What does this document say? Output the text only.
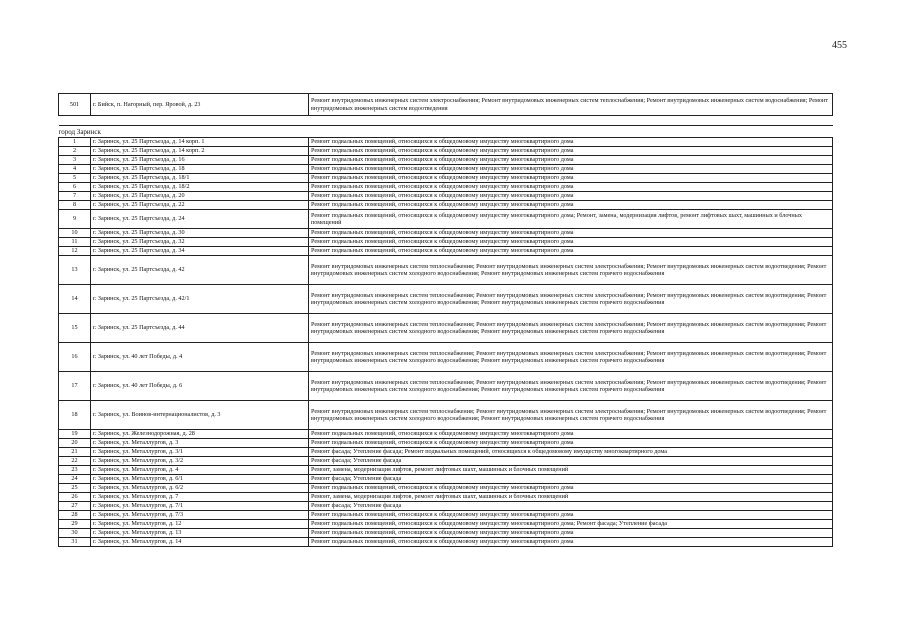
455
501	г. Бийск, п. Нагорный, пер. Яровой, д. 23	Ремонт внутридомовых инженерных систем электроснабжения; Ремонт внутридомовых инженерных систем теплоснабжения; Ремонт внутридомовых инженерных систем водоснабжения; Ремонт внутридомовых инженерных систем водоотведения

город Заринск		
1	г. Заринск, ул. 25 Партсъезда, д. 14 корп. 1	Ремонт подвальных помещений, относящихся к общедомовому имуществу многоквартирного дома
2	г. Заринск, ул. 25 Партсъезда, д. 14 корп. 2	Ремонт подвальных помещений, относящихся к общедомовому имуществу многоквартирного дома
3	г. Заринск, ул. 25 Партсъезда, д. 16	Ремонт подвальных помещений, относящихся к общедомовому имуществу многоквартирного дома
4	г. Заринск, ул. 25 Партсъезда, д. 18	Ремонт подвальных помещений, относящихся к общедомовому имуществу многоквартирного дома
5	г. Заринск, ул. 25 Партсъезда, д. 18/1	Ремонт подвальных помещений, относящихся к общедомовому имуществу многоквартирного дома
6	г. Заринск, ул. 25 Партсъезда, д. 18/2	Ремонт подвальных помещений, относящихся к общедомовому имуществу многоквартирного дома
7	г. Заринск, ул. 25 Партсъезда, д. 20	Ремонт подвальных помещений, относящихся к общедомовому имуществу многоквартирного дома
8	г. Заринск, ул. 25 Партсъезда, д. 22	Ремонт подвальных помещений, относящихся к общедомовому имуществу многоквартирного дома
9	г. Заринск, ул. 25 Партсъезда, д. 24	Ремонт подвальных помещений, относящихся к общедомовому имуществу многоквартирного дома; Ремонт, замена, модернизация лифтов, ремонт лифтовых шахт, машинных и блочных помещений
10	г. Заринск, ул. 25 Партсъезда, д. 30	Ремонт подвальных помещений, относящихся к общедомовому имуществу многоквартирного дома
11	г. Заринск, ул. 25 Партсъезда, д. 32	Ремонт подвальных помещений, относящихся к общедомовому имуществу многоквартирного дома
12	г. Заринск, ул. 25 Партсъезда, д. 34	Ремонт подвальных помещений, относящихся к общедомовому имуществу многоквартирного дома
13	г. Заринск, ул. 25 Партсъезда, д. 42	Ремонт внутридомовых инженерных систем теплоснабжения; Ремонт внутридомовых инженерных систем электроснабжения; Ремонт внутридомовых инженерных систем водоотведения; Ремонт внутридомовых инженерных систем холодного водоснабжения; Ремонт внутридомовых инженерных систем горячего водоснабжения
14	г. Заринск, ул. 25 Партсъезда, д. 42/1	Ремонт внутридомовых инженерных систем теплоснабжения; Ремонт внутридомовых инженерных систем электроснабжения; Ремонт внутридомовых инженерных систем водоотведения; Ремонт внутридомовых инженерных систем холодного водоснабжения; Ремонт внутридомовых инженерных систем горячего водоснабжения
15	г. Заринск, ул. 25 Партсъезда, д. 44	Ремонт внутридомовых инженерных систем теплоснабжения; Ремонт внутридомовых инженерных систем электроснабжения; Ремонт внутридомовых инженерных систем водоотведения; Ремонт внутридомовых инженерных систем холодного водоснабжения; Ремонт внутридомовых инженерных систем горячего водоснабжения
16	г. Заринск, ул. 40 лет Победы, д. 4	Ремонт внутридомовых инженерных систем теплоснабжения; Ремонт внутридомовых инженерных систем электроснабжения; Ремонт внутридомовых инженерных систем водоотведения; Ремонт внутридомовых инженерных систем холодного водоснабжения; Ремонт внутридомовых инженерных систем горячего водоснабжения
17	г. Заринск, ул. 40 лет Победы, д. 6	Ремонт внутридомовых инженерных систем теплоснабжения; Ремонт внутридомовых инженерных систем электроснабжения; Ремонт внутридомовых инженерных систем водоотведения; Ремонт внутридомовых инженерных систем холодного водоснабжения; Ремонт внутридомовых инженерных систем горячего водоснабжения
18	г. Заринск, ул. Воинов-интернационалистов, д. 3	Ремонт внутридомовых инженерных систем теплоснабжения; Ремонт внутридомовых инженерных систем электроснабжения; Ремонт внутридомовых инженерных систем водоотведения; Ремонт внутридомовых инженерных систем холодного водоснабжения; Ремонт внутридомовых инженерных систем горячего водоснабжения
19	г. Заринск, ул. Железнодорожная, д. 28	Ремонт подвальных помещений, относящихся к общедомовому имуществу многоквартирного дома
20	г. Заринск, ул. Металлургов, д. 3	Ремонт подвальных помещений, относящихся к общедомовому имуществу многоквартирного дома
21	г. Заринск, ул. Металлургов, д. 3/1	Ремонт фасада; Утепление фасада; Ремонт подвальных помещений, относящихся к общедомовому имуществу многоквартирного дома
22	г. Заринск, ул. Металлургов, д. 3/2	Ремонт фасада; Утепление фасада
23	г. Заринск, ул. Металлургов, д. 4	Ремонт, замена, модернизация лифтов, ремонт лифтовых шахт, машинных и блочных помещений
24	г. Заринск, ул. Металлургов, д. 6/1	Ремонт фасада; Утепление фасада
25	г. Заринск, ул. Металлургов, д. 6/2	Ремонт подвальных помещений, относящихся к общедомовому имуществу многоквартирного дома
26	г. Заринск, ул. Металлургов, д. 7	Ремонт, замена, модернизация лифтов, ремонт лифтовых шахт, машинных и блочных помещений
27	г. Заринск, ул. Металлургов, д. 7/1	Ремонт фасада; Утепление фасада
28	г. Заринск, ул. Металлургов, д. 7/3	Ремонт подвальных помещений, относящихся к общедомовому имуществу многоквартирного дома
29	г. Заринск, ул. Металлургов, д. 12	Ремонт подвальных помещений, относящихся к общедомовому имуществу многоквартирного дома; Ремонт фасада; Утепление фасада
30	г. Заринск, ул. Металлургов, д. 13	Ремонт подвальных помещений, относящихся к общедомовому имуществу многоквартирного дома
31	г. Заринск, ул. Металлургов, д. 14	Ремонт подвальных помещений, относящихся к общедомовому имуществу многоквартирного дома
